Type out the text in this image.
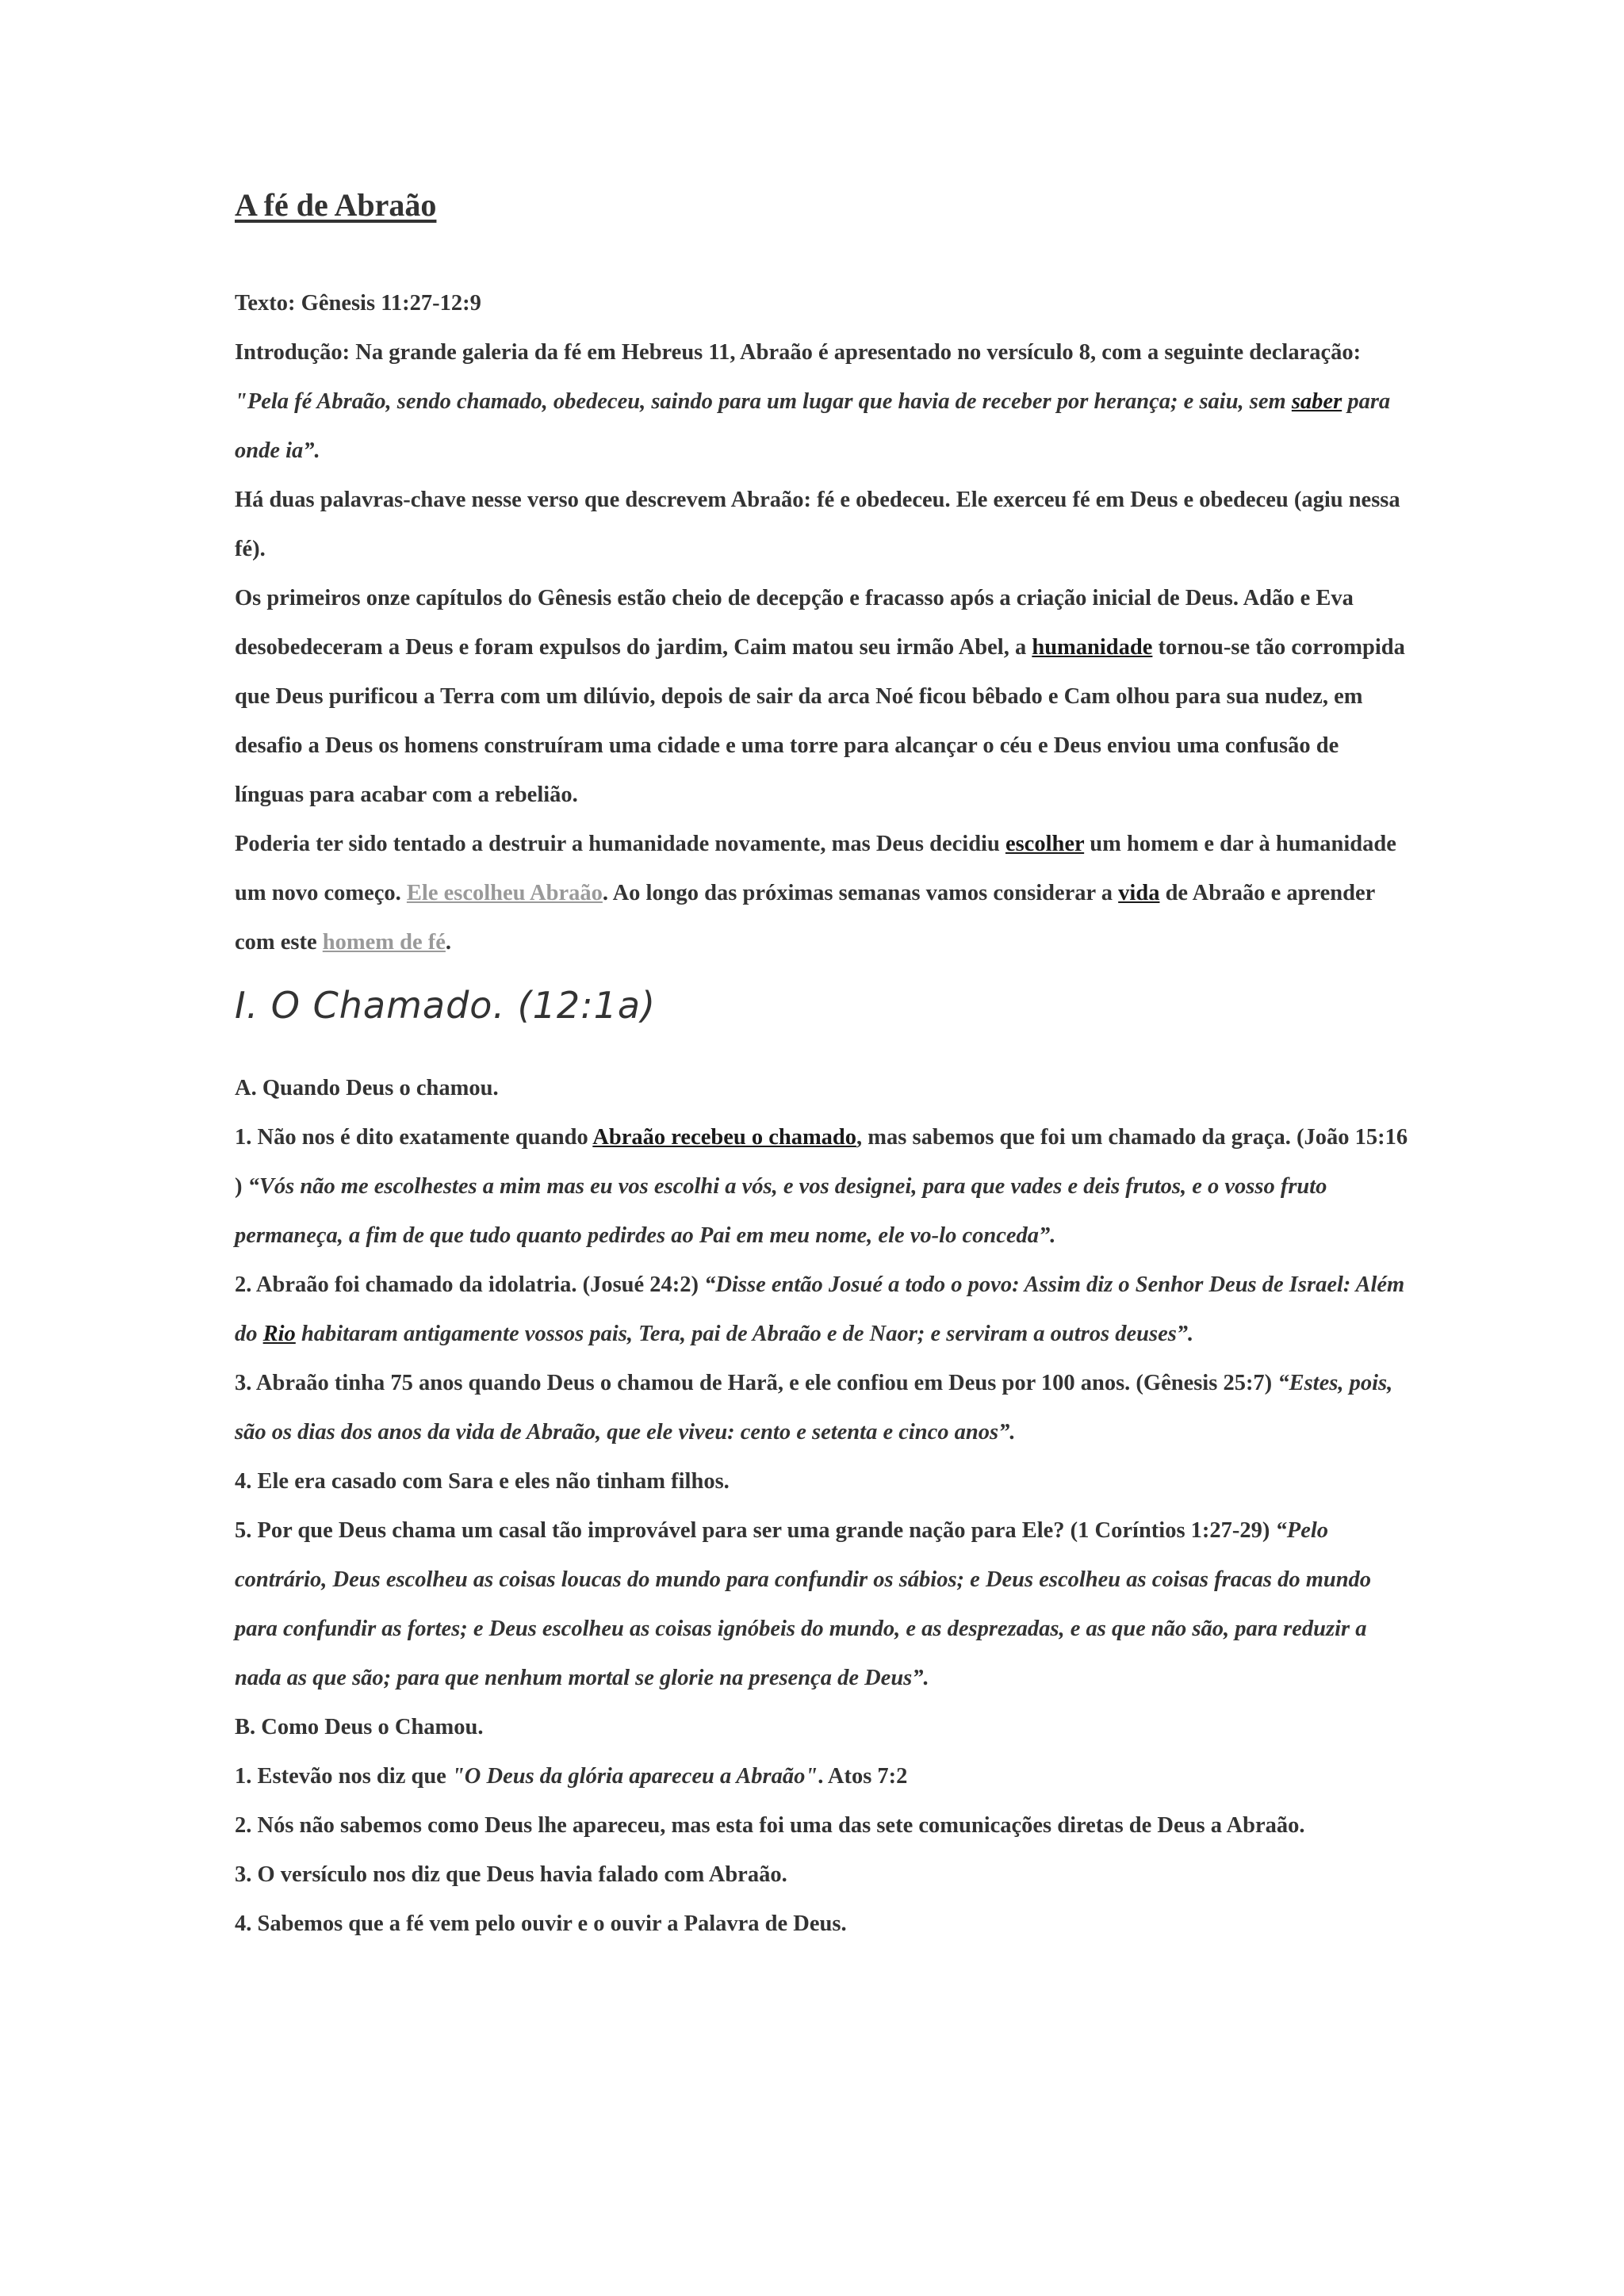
A fé de Abraão

Texto: Gênesis 11:27-12:9

Introdução: Na grande galeria da fé em Hebreus 11, Abraão é apresentado no versículo 8, com a seguinte declaração:

"Pela fé Abraão, sendo chamado, obedeceu, saindo para um lugar que havia de receber por herança; e saiu, sem saber para onde ia”.

Há duas palavras-chave nesse verso que descrevem Abraão: fé e obedeceu. Ele exerceu fé em Deus e obedeceu (agiu nessa fé).

Os primeiros onze capítulos do Gênesis estão cheio de decepção e fracasso após a criação inicial de Deus. Adão e Eva desobedeceram a Deus e foram expulsos do jardim, Caim matou seu irmão Abel, a humanidade tornou-se tão corrompida que Deus purificou a Terra com um dilúvio, depois de sair da arca Noé ficou bêbado e Cam olhou para sua nudez, em desafio a Deus os homens construíram uma cidade e uma torre para alcançar o céu e Deus enviou uma confusão de línguas para acabar com a rebelião.

Poderia ter sido tentado a destruir a humanidade novamente, mas Deus decidiu escolher um homem e dar à humanidade um novo começo. Ele escolheu Abraão. Ao longo das próximas semanas vamos considerar a vida de Abraão e aprender com este homem de fé.

I. O Chamado. (12:1a)

A. Quando Deus o chamou.

1. Não nos é dito exatamente quando Abraão recebeu o chamado, mas sabemos que foi um chamado da graça. (João 15:16 ) “Vós não me escolhestes a mim mas eu vos escolhi a vós, e vos designei, para que vades e deis frutos, e o vosso fruto permaneça, a fim de que tudo quanto pedirdes ao Pai em meu nome, ele vo-lo conceda”.

2. Abraão foi chamado da idolatria. (Josué 24:2) “Disse então Josué a todo o povo: Assim diz o Senhor Deus de Israel: Além do Rio habitaram antigamente vossos pais, Tera, pai de Abraão e de Naor; e serviram a outros deuses”.

3. Abraão tinha 75 anos quando Deus o chamou de Harã, e ele confiou em Deus por 100 anos. (Gênesis 25:7) “Estes, pois, são os dias dos anos da vida de Abraão, que ele viveu: cento e setenta e cinco anos”.

4. Ele era casado com Sara e eles não tinham filhos.

5. Por que Deus chama um casal tão improvável para ser uma grande nação para Ele? (1 Coríntios 1:27-29) “Pelo contrário, Deus escolheu as coisas loucas do mundo para confundir os sábios; e Deus escolheu as coisas fracas do mundo para confundir as fortes; e Deus escolheu as coisas ignóbeis do mundo, e as desprezadas, e as que não são, para reduzir a nada as que são; para que nenhum mortal se glorie na presença de Deus”.

B. Como Deus o Chamou.

1. Estevão nos diz que "O Deus da glória apareceu a Abraão". Atos 7:2

2. Nós não sabemos como Deus lhe apareceu, mas esta foi uma das sete comunicações diretas de Deus a Abraão.

3. O versículo nos diz que Deus havia falado com Abraão.

4. Sabemos que a fé vem pelo ouvir e o ouvir a Palavra de Deus.
